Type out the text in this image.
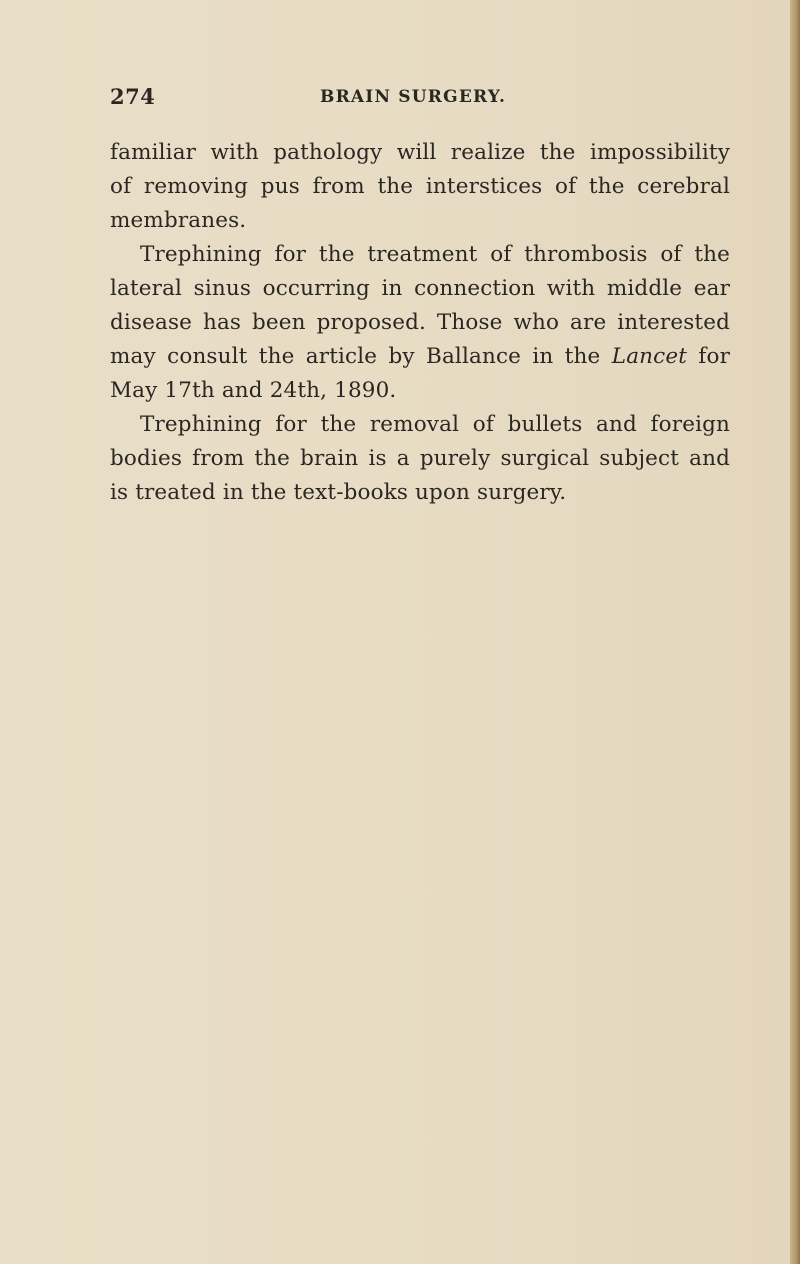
274	BRAIN SURGERY.
familiar with pathology will realize the impossibility
of removing pus from the interstices of the cerebral
membranes.
Trephining for the treatment of thrombosis of the
lateral sinus occurring in connection with middle ear
disease has been proposed. Those who are interested
may consult the article by Ballance in the Lancet for
May 17th and 24th, 1890.
Trephining for the removal of bullets and foreign
bodies from the brain is a purely surgical subject and
is treated in the text-books upon surgery.
